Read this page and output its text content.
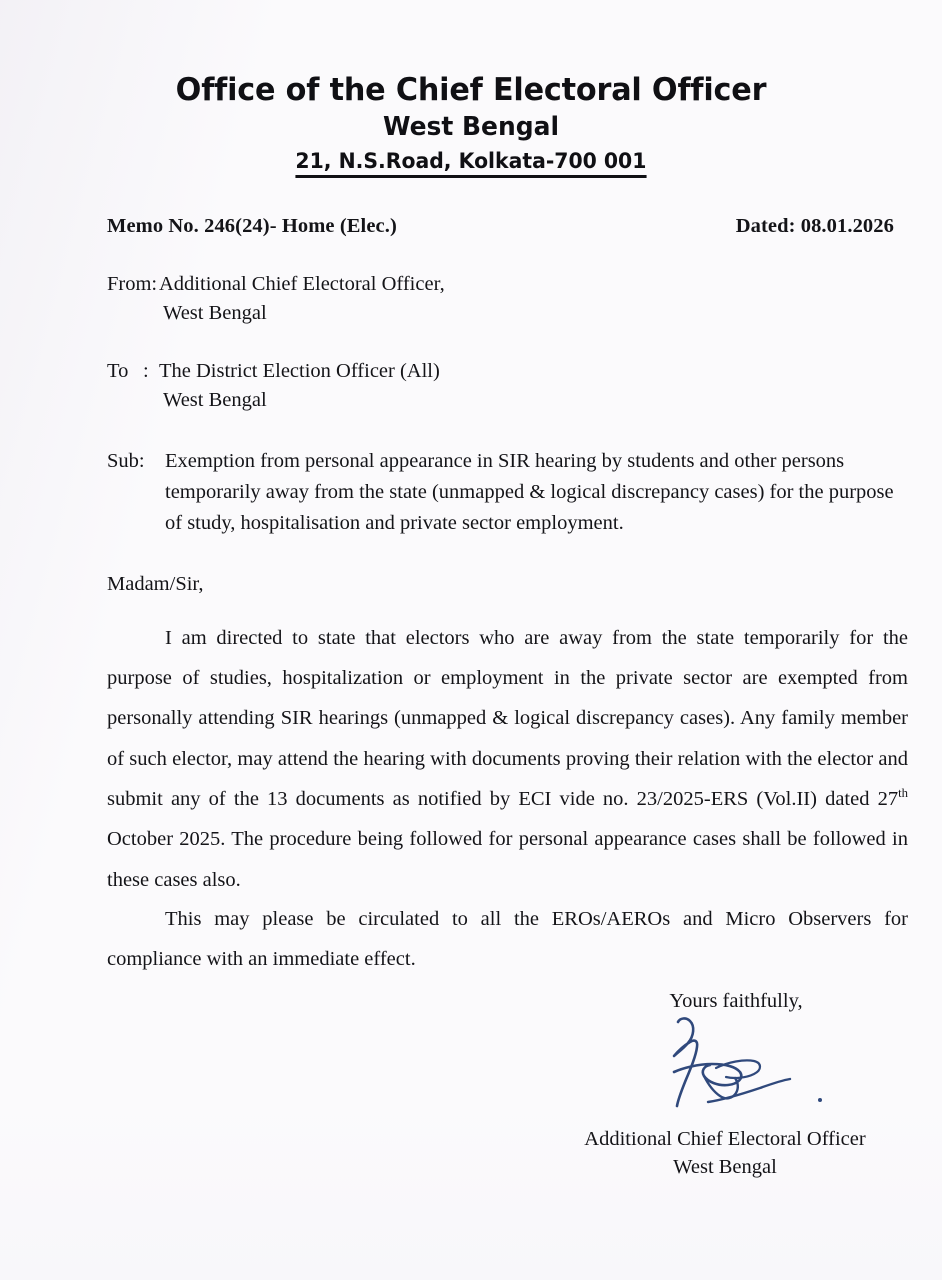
Office of the Chief Electoral Officer
West Bengal
21, N.S.Road, Kolkata-700 001
Memo No. 246(24)- Home (Elec.)	Dated: 08.01.2026
From: Additional Chief Electoral Officer,
West Bengal
To : The District Election Officer (All)
West Bengal
Sub: Exemption from personal appearance in SIR hearing by students and other persons temporarily away from the state (unmapped & logical discrepancy cases) for the purpose of study, hospitalisation and private sector employment.
Madam/Sir,

I am directed to state that electors who are away from the state temporarily for the purpose of studies, hospitalization or employment in the private sector are exempted from personally attending SIR hearings (unmapped & logical discrepancy cases). Any family member of such elector, may attend the hearing with documents proving their relation with the elector and submit any of the 13 documents as notified by ECI vide no. 23/2025-ERS (Vol.II) dated 27th October 2025. The procedure being followed for personal appearance cases shall be followed in these cases also.

This may please be circulated to all the EROs/AEROs and Micro Observers for compliance with an immediate effect.

Yours faithfully,
Additional Chief Electoral Officer
West Bengal
